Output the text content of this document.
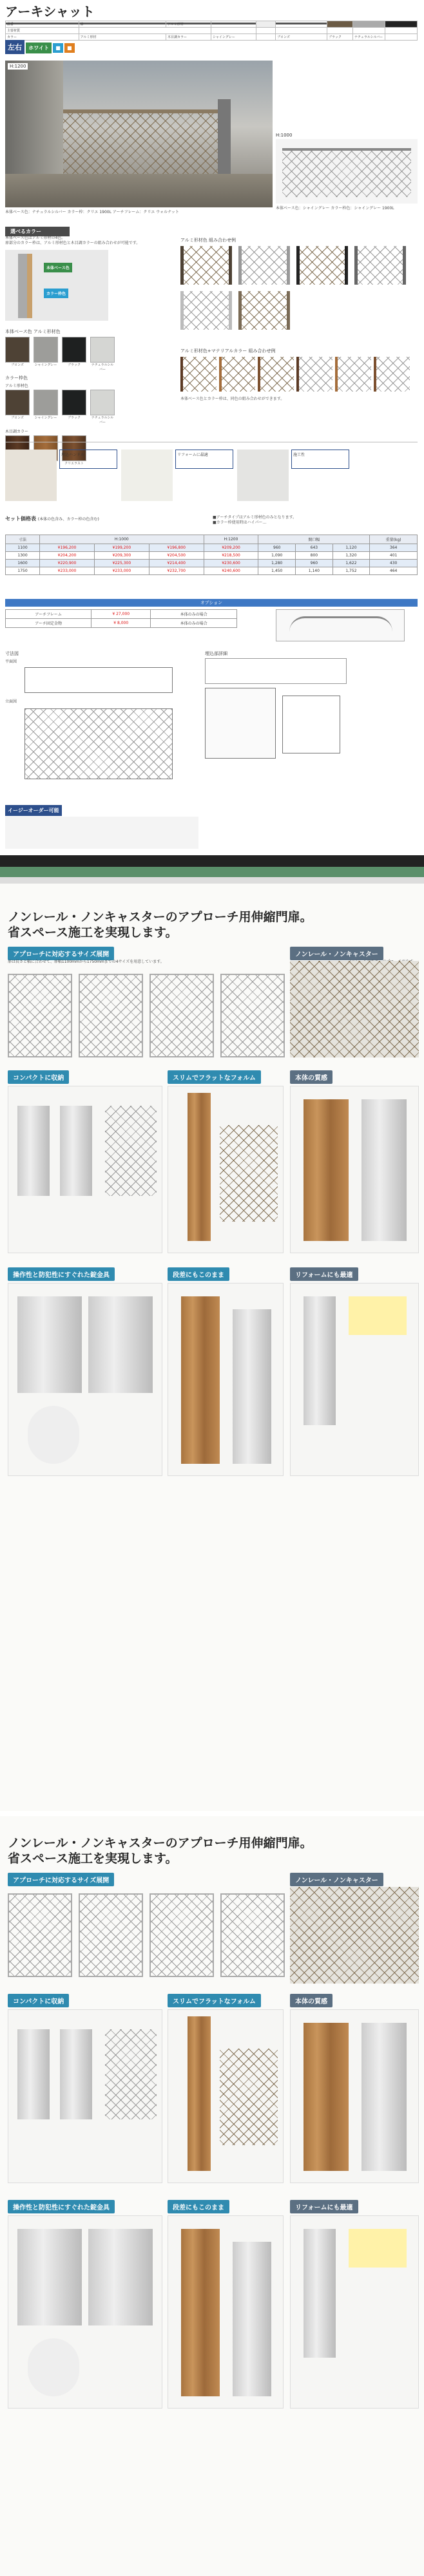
アーキシャット
品番	扉	アルミ形材						
主要材質								
カラー	アルミ形材	木目調カラー	シャイングレー		ブロンズ	ブラック	ナチュラルシルバー	
左右 ホワイト ■ ■
H:1200
H:1000
本体ベース色：ナチュラルシルバー カラー枠：クリエ 1900L アーチフレーム：クリエ ウォルナット
本体ベース色：シャイングレー カラー枠色：シャイングレー 1900L
選べるカラー
本体ベース色はアルミ形材の4色。
扉部分のカラー枠は、アルミ形材色と木目調カラーの組み合わせが可能です。
本体ベース色
カラー枠色
本体ベース色 アルミ形材色
ブロンズ	シャイングレー	ブラック	ナチュラルシルバー
カラー枠色
アルミ形材色
ブロンズ	シャイングレー	ブラック	ナチュラルシルバー
木目調カラー
クリエラスト
アルミ形材色 組み合わせ例
アルミ形材色+マテリアルカラー 組み合わせ例
本体ベース色とカラー枠は、同色の組み合わせができます。
埋込ハンドル	リフォームに最適	施工性
セット価格表 (本体の色含み、カラー枠の色含む)	■アーチタイプはアルミ形材色のみとなります。
■カラー枠使用時はハイパー…
寸法	H:1000			H:1200	開口幅			重量(kg)
1100	¥196,200	¥199,200	¥196,800	¥209,200	960	643	1,120	364
1300	¥204,200	¥209,300	¥204,500	¥218,500	1,090	800	1,320	401
1600	¥220,900	¥225,300	¥214,400	¥230,600	1,280	960	1,622	430
1750	¥233,000	¥233,000	¥232,700	¥240,600	1,450	1,140	1,752	464
オプション
アーチフレーム	¥ 27,000	本体のみの場合
アーチ固定金物	¥ 8,000	本体のみの場合
寸法図	埋込部詳細
平面図
立面図
イージーオーダー可能
ノンレール・ノンキャスターのアプローチ用伸縮門扉。
省スペース施工を実現します。
アプローチに対応するサイズ展開	ノンレール・ノンキャスター
扉は長さと幅に合わせて、扉幅1100mmから1750mmまでの4サイズを用意しています。
コンパクトに収納	スリムでフラットなフォルム	本体の質感
操作性と防犯性にすぐれた錠金具	段差にもこのまま	リフォームにも最適
ノンレール・ノンキャスターのアプローチ用伸縮門扉。
省スペース施工を実現します。
アプローチに対応するサイズ展開	ノンレール・ノンキャスター
コンパクトに収納	スリムでフラットなフォルム	本体の質感
操作性と防犯性にすぐれた錠金具	段差にもこのまま	リフォームにも最適
